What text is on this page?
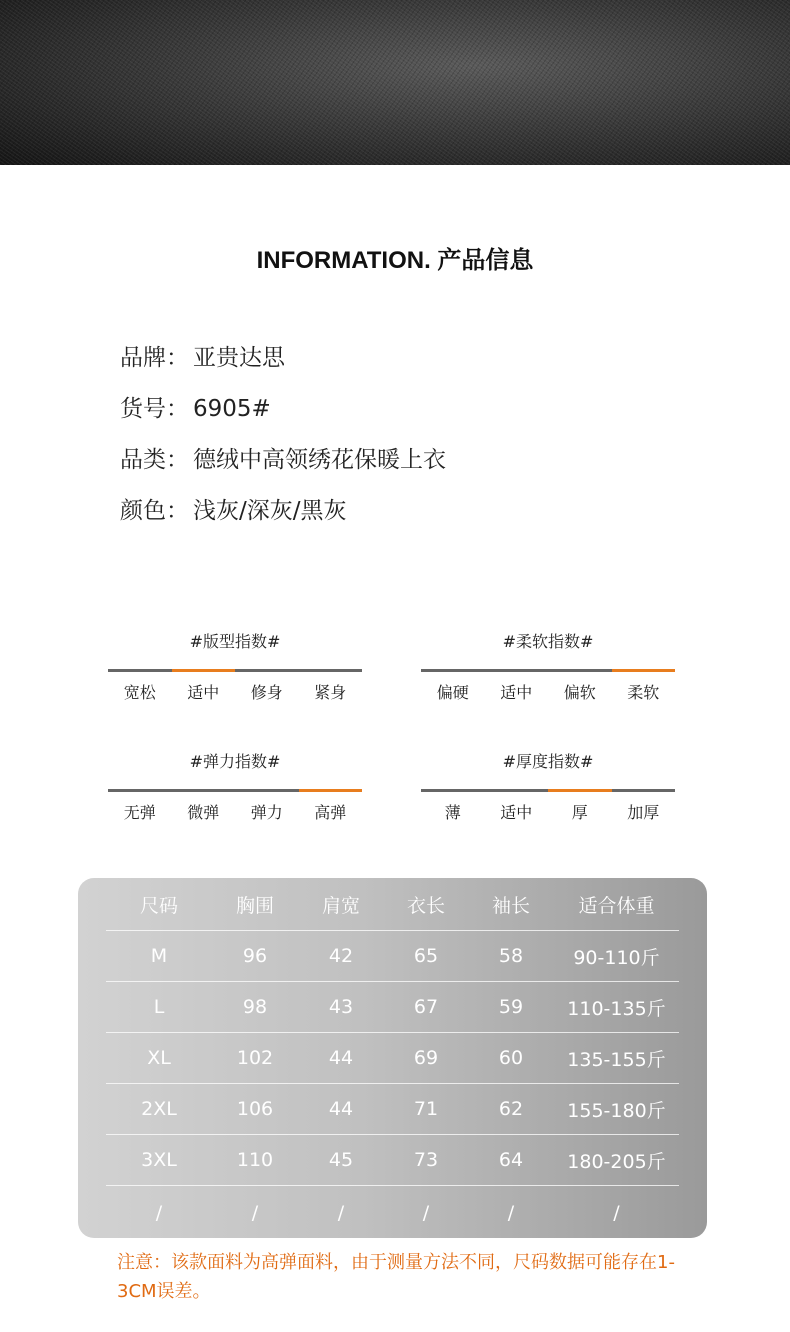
INFORMATION. 产品信息
品牌： 亚贵达思
货号： 6905#
品类： 德绒中高领绣花保暖上衣
颜色： 浅灰/深灰/黑灰
#版型指数#
宽松	适中	修身	紧身
#柔软指数#
偏硬	适中	偏软	柔软
#弹力指数#
无弹	微弹	弹力	高弹
#厚度指数#
薄	适中	厚	加厚
尺码	胸围	肩宽	衣长	袖长	适合体重
M	96	42	65	58	90-110斤
L	98	43	67	59	110-135斤
XL	102	44	69	60	135-155斤
2XL	106	44	71	62	155-180斤
3XL	110	45	73	64	180-205斤
/	/	/	/	/	/
注意：该款面料为高弹面料，由于测量方法不同，尺码数据可能存在1-3CM误差。
